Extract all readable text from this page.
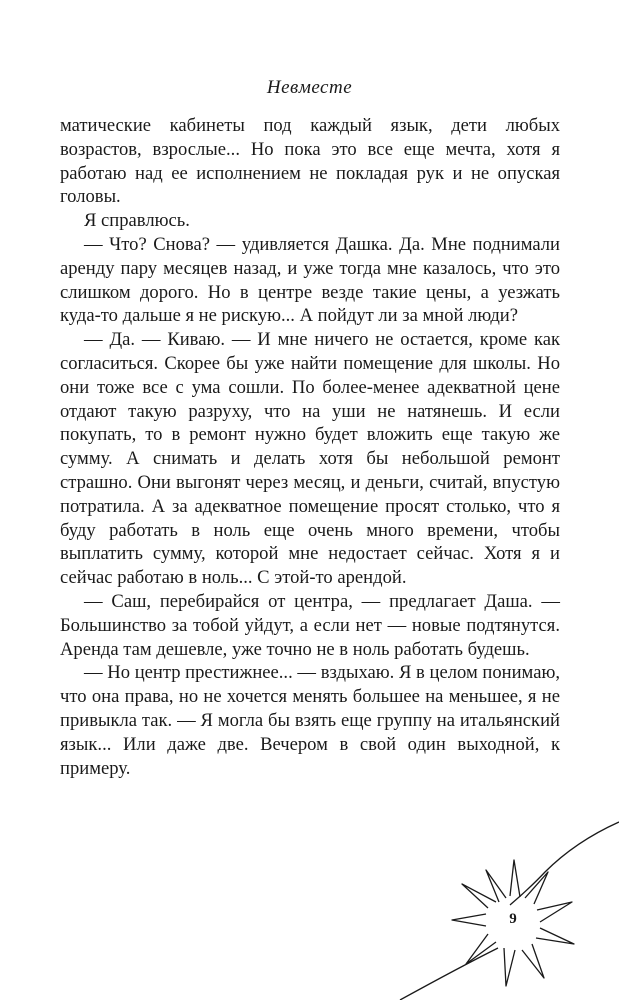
Невместе

матические кабинеты под каждый язык, дети любых возрастов, взрослые... Но пока это все еще мечта, хотя я работаю над ее исполнением не покладая рук и не опуская головы.

Я справлюсь.

— Что? Снова? — удивляется Дашка. Да. Мне поднимали аренду пару месяцев назад, и уже тогда мне казалось, что это слишком дорого. Но в центре везде такие цены, а уезжать куда-то дальше я не рискую... А пойдут ли за мной люди?

— Да. — Киваю. — И мне ничего не остается, кроме как согласиться. Скорее бы уже найти помещение для школы. Но они тоже все с ума сошли. По более-менее адекватной цене отдают такую разруху, что на уши не натянешь. И если покупать, то в ремонт нужно будет вложить еще такую же сумму. А снимать и делать хотя бы небольшой ремонт страшно. Они выгонят через месяц, и деньги, считай, впустую потратила. А за адекватное помещение просят столько, что я буду работать в ноль еще очень много времени, чтобы выплатить сумму, которой мне недостает сейчас. Хотя я и сейчас работаю в ноль... С этой-то арендой.

— Саш, перебирайся от центра, — предлагает Даша. — Большинство за тобой уйдут, а если нет — новые подтянутся. Аренда там дешевле, уже точно не в ноль работать будешь.

— Но центр престижнее... — вздыхаю. Я в целом понимаю, что она права, но не хочется менять большее на меньшее, я не привыкла так. — Я могла бы взять еще группу на итальянский язык... Или даже две. Вечером в свой один выходной, к примеру.

9
